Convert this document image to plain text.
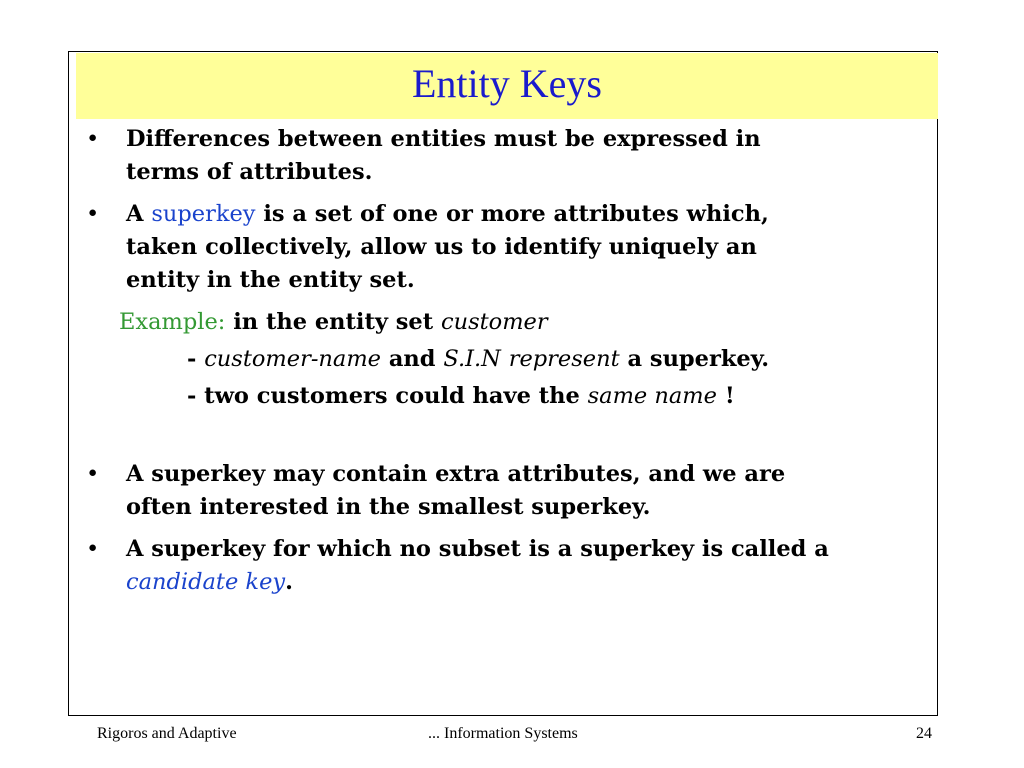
Entity Keys
• Differences between entities must be expressed in
terms of attributes.
• A superkey is a set of one or more attributes which,
taken collectively, allow us to identify uniquely an
entity in the entity set.
Example: in the entity set customer
- customer-name and S.I.N represent a superkey.
- two customers could have the same name !
• A superkey may contain extra attributes, and we are
often interested in the smallest superkey.
• A superkey for which no subset is a superkey is called a
candidate key.
Rigoros and Adaptive	... Information Systems	24
